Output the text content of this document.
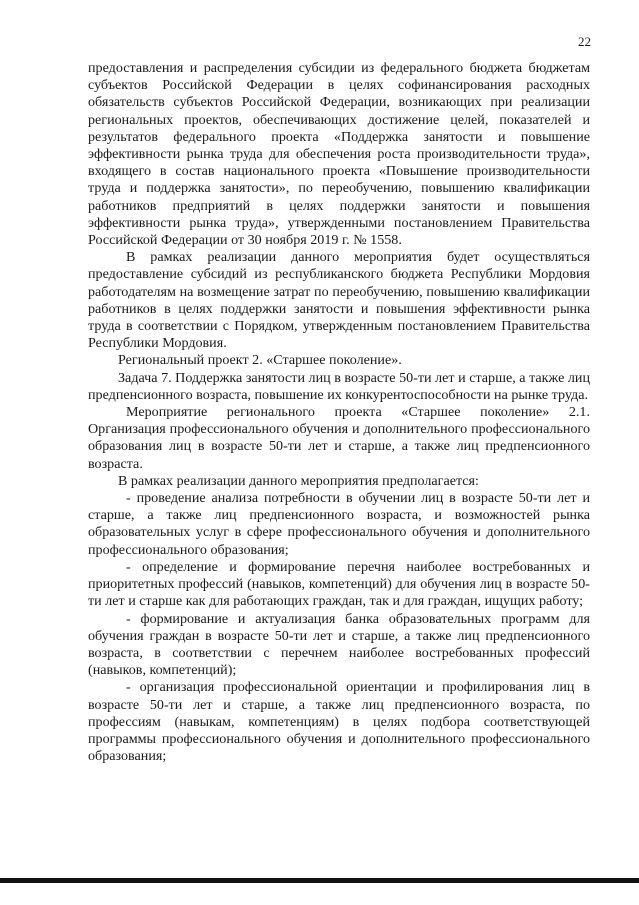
22

предоставления и распределения субсидии из федерального бюджета бюджетам субъектов Российской Федерации в целях софинансирования расходных обязательств субъектов Российской Федерации, возникающих при реализации региональных проектов, обеспечивающих достижение целей, показателей и результатов федерального проекта «Поддержка занятости и повышение эффективности рынка труда для обеспечения роста производительности труда», входящего в состав национального проекта «Повышение производительности труда и поддержка занятости», по переобучению, повышению квалификации работников предприятий в целях поддержки занятости и повышения эффективности рынка труда», утвержденными постановлением Правительства Российской Федерации от 30 ноября 2019 г. № 1558.

В рамках реализации данного мероприятия будет осуществляться предоставление субсидий из республиканского бюджета Республики Мордовия работодателям на возмещение затрат по переобучению, повышению квалификации работников в целях поддержки занятости и повышения эффективности рынка труда в соответствии с Порядком, утвержденным постановлением Правительства Республики Мордовия.

Региональный проект 2. «Старшее поколение».

Задача 7. Поддержка занятости лиц в возрасте 50-ти лет и старше, а также лиц предпенсионного возраста, повышение их конкурентоспособности на рынке труда.

Мероприятие регионального проекта «Старшее поколение» 2.1. Организация профессионального обучения и дополнительного профессионального образования лиц в возрасте 50-ти лет и старше, а также лиц предпенсионного возраста.

В рамках реализации данного мероприятия предполагается:

- проведение анализа потребности в обучении лиц в возрасте 50-ти лет и старше, а также лиц предпенсионного возраста, и возможностей рынка образовательных услуг в сфере профессионального обучения и дополнительного профессионального образования;

- определение и формирование перечня наиболее востребованных и приоритетных профессий (навыков, компетенций) для обучения лиц в возрасте 50-ти лет и старше как для работающих граждан, так и для граждан, ищущих работу;

- формирование и актуализация банка образовательных программ для обучения граждан в возрасте 50-ти лет и старше, а также лиц предпенсионного возраста, в соответствии с перечнем наиболее востребованных профессий (навыков, компетенций);

- организация профессиональной ориентации и профилирования лиц в возрасте 50-ти лет и старше, а также лиц предпенсионного возраста, по профессиям (навыкам, компетенциям) в целях подбора соответствующей программы профессионального обучения и дополнительного профессионального образования;
